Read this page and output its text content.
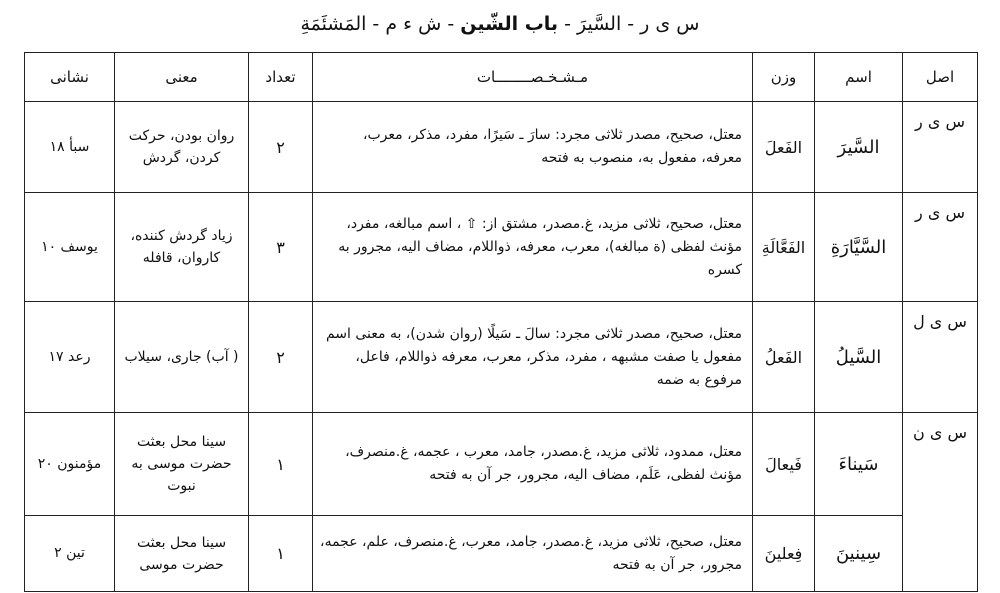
س ی ر - السَّیرَ - باب الشّین - ش ء م - المَشئَمَةِ
اصل	اسم	وزن	مـشـخـصــــــــات	تعداد	معنی	نشانی
س ی ر	السَّیرَ	الفَعلَ	معتل، صحیح، مصدر ثلاثی مجرد: سارَ ـ سَیرًا، مفرد، مذکر، معرب، معرفه، مفعول به، منصوب به فتحه	۲	روان بودن، حرکت کردن، گردش	سبأ ۱۸
س ی ر	السَّیَّارَةِ	الفَعَّالَةِ	معتل، صحیح، ثلاثی مزید، غ.مصدر، مشتق از: ⇧ ، اسم مبالغه، مفرد، مؤنث لفظی (ة مبالغه)، معرب، معرفه، ذواللام، مضاف الیه، مجرور به کسره	۳	زیاد گردش کننده، کاروان، قافله	یوسف ۱۰
س ی ل	السَّیلُ	الفَعلُ	معتل، صحیح، مصدر ثلاثی مجرد: سالَ ـ سَیلًا (روان شدن)، به معنی اسم مفعول یا صفت مشبهه ، مفرد، مذکر، معرب، معرفه ذواللام، فاعل، مرفوع به ضمه	۲	( آب) جاری، سیلاب	رعد ۱۷
س ی ن	سَیناءَ	فَیعالَ	معتل، ممدود، ثلاثی مزید، غ.مصدر، جامد، معرب ، عجمه، غ.منصرف، مؤنث لفظی، عَلَم، مضاف الیه، مجرور، جر آن به فتحه	۱	سینا محل بعثت حضرت موسی به نبوت	مؤمنون ۲۰
	سِینینَ	فِعلینَ	معتل، صحیح، ثلاثی مزید، غ.مصدر، جامد، معرب، غ.منصرف، علم، عجمه، مجرور، جر آن به فتحه	۱	سینا محل بعثت حضرت موسی	تین ۲
